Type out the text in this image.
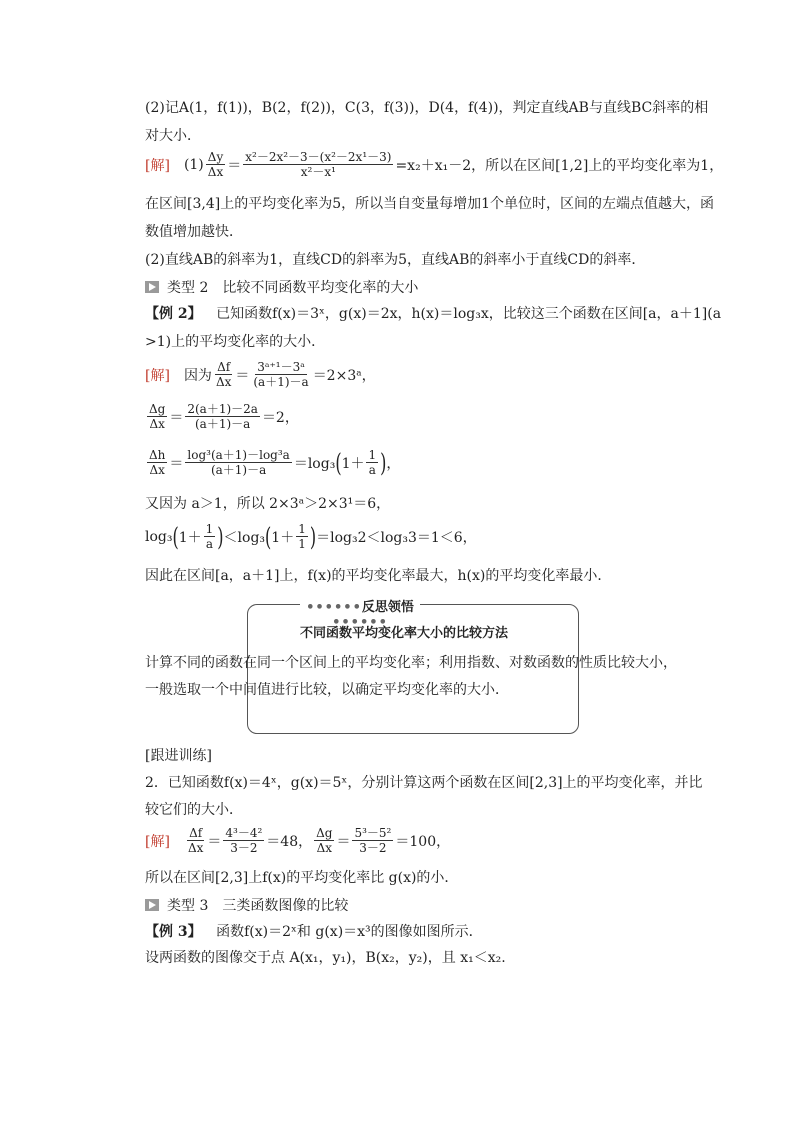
(2)记A(1，f(1))，B(2，f(2))，C(3，f(3))，D(4，f(4))，判定直线AB与直线BC斜率的相
对大小．
[解] $(1) \frac{\Delta y}{\Delta x} = \frac{\text{x²－2x²－3－(x²－2x¹－3)}}{\text{x²－x¹}} =x_2+x_1-2$，所以在区间[1,2]上的平均变化率为1，
在区间[3,4]上的平均变化率为5，所以当自变量每增加1个单位时，区间的左端点值越大，函
数值增加越快．
(2)直线AB的斜率为1，直线CD的斜率为5，直线AB的斜率小于直线CD的斜率．
类型 2　比较不同函数平均变化率的大小
【例 2】 已知函数f(x)＝3ˣ，g(x)＝2x，h(x)＝log₃x，比较这三个函数在区间[a，a＋1](a
>1)上的平均变化率的大小．
[解] 因为 $\frac{\Delta f}{\Delta x} = \frac{\text{3ᵃ⁺¹－3ᵃ}}{(a+1)-a}$ ＝2×3ᵃ，
$\frac{\Delta g}{\Delta x} = \frac{2(a+1)-2a}{(a+1)-a} =2$，
$\frac{\Delta h}{\Delta x} = \frac{\text{log³(a＋1)－log³a}}{(a+1)-a} =\log_3$ ( $1+ \frac{1}{a}$ ) ，
又因为 a＞1，所以 2×3ᵃ＞2×3¹＝6，
log₃ ( $1+ \frac{1}{a}$ ) ＜log₃ ( $1+ \frac{1}{1}$ ) ＝log₃2＜log₃3＝1＜6，
因此在区间[a，a＋1]上，f(x)的平均变化率最大，h(x)的平均变化率最小．
••••••反思领悟••••••
不同函数平均变化率大小的比较方法
计算不同的函数在同一个区间上的平均变化率；利用指数、对数函数的性质比较大小，
一般选取一个中间值进行比较，以确定平均变化率的大小．
[跟进训练]
2．已知函数f(x)＝4ˣ，g(x)＝5ˣ，分别计算这两个函数在区间[2,3]上的平均变化率，并比
较它们的大小．
[解] $\frac{\Delta f}{\Delta x} = \frac{\text{4³－4²}}{3-2} =48$， $\frac{\Delta g}{\Delta x} = \frac{\text{5³－5²}}{3-2} =100$，
所以在区间[2,3]上f(x)的平均变化率比 g(x)的小．
类型 3　三类函数图像的比较
【例 3】 函数f(x)＝2ˣ和 g(x)＝x³的图像如图所示．
设两函数的图像交于点 A(x₁，y₁)，B(x₂，y₂)，且 x₁＜x₂.
